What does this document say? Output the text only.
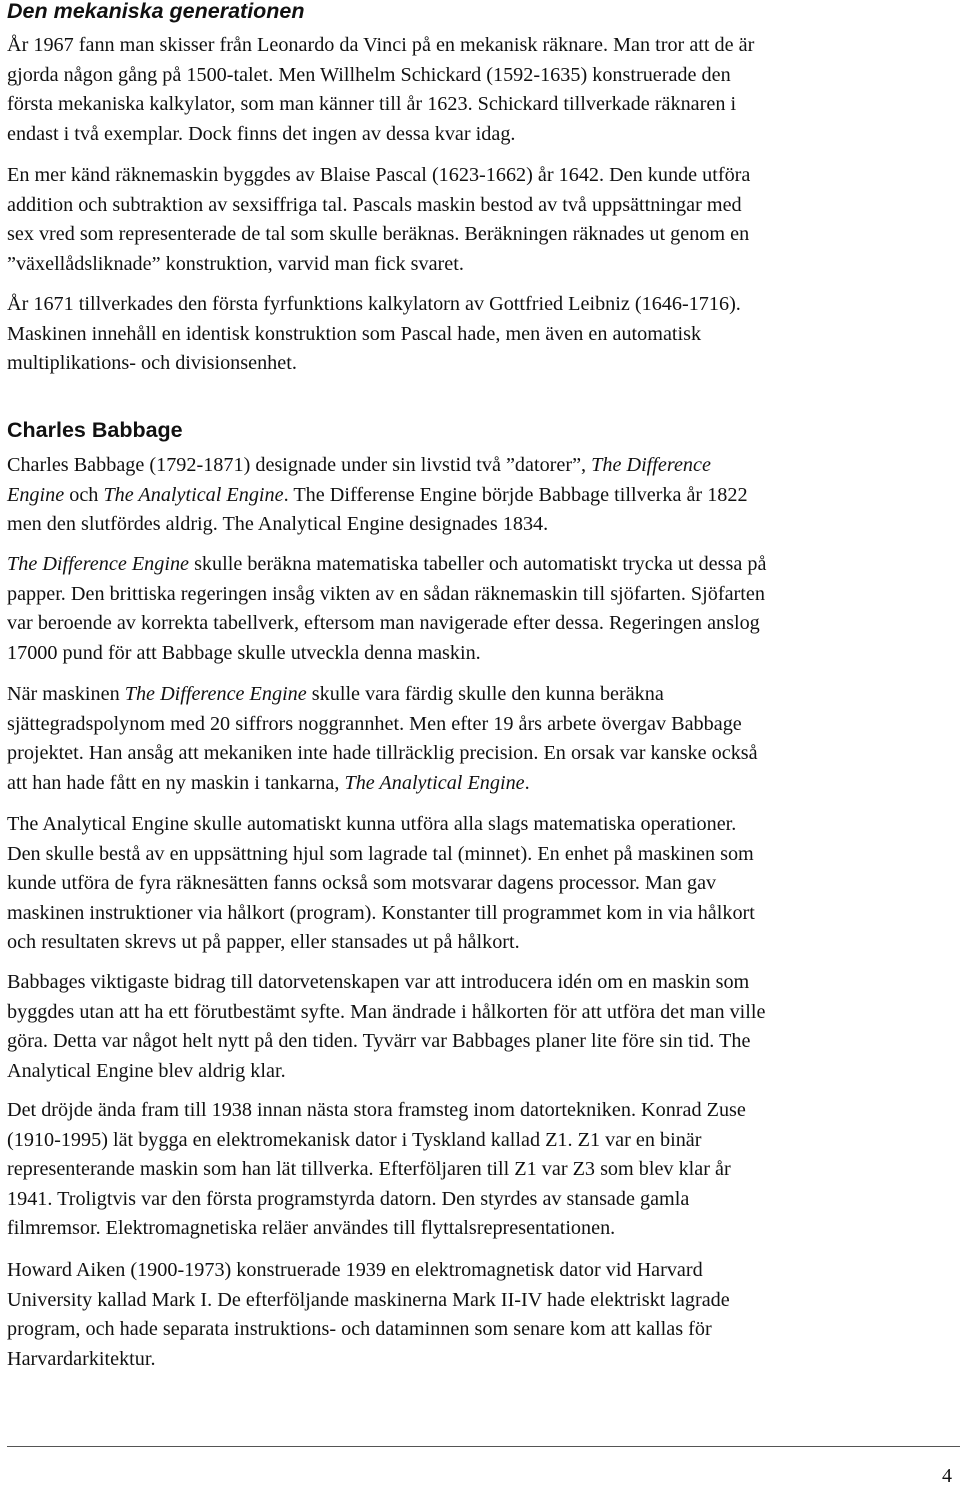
Den mekaniska generationen

År 1967 fann man skisser från Leonardo da Vinci på en mekanisk räknare. Man tror att de är
gjorda någon gång på 1500-talet. Men Willhelm Schickard (1592-1635) konstruerade den
första mekaniska kalkylator, som man känner till år 1623. Schickard tillverkade räknaren i
endast i två exemplar. Dock finns det ingen av dessa kvar idag.

En mer känd räknemaskin byggdes av Blaise Pascal (1623-1662) år 1642. Den kunde utföra
addition och subtraktion av sexsiffriga tal. Pascals maskin bestod av två uppsättningar med
sex vred som representerade de tal som skulle beräknas. Beräkningen räknades ut genom en
”växellådsliknade” konstruktion, varvid man fick svaret.

År 1671 tillverkades den första fyrfunktions kalkylatorn av Gottfried Leibniz (1646-1716).
Maskinen innehåll en identisk konstruktion som Pascal hade, men även en automatisk
multiplikations- och divisionsenhet.

Charles Babbage

Charles Babbage (1792-1871) designade under sin livstid två ”datorer”, The Difference
Engine och The Analytical Engine. The Differense Engine börjde Babbage tillverka år 1822
men den slutfördes aldrig. The Analytical Engine designades 1834.

The Difference Engine skulle beräkna matematiska tabeller och automatiskt trycka ut dessa på
papper. Den brittiska regeringen insåg vikten av en sådan räknemaskin till sjöfarten. Sjöfarten
var beroende av korrekta tabellverk, eftersom man navigerade efter dessa. Regeringen anslog
17000 pund för att Babbage skulle utveckla denna maskin.

När maskinen The Difference Engine skulle vara färdig skulle den kunna beräkna
sjättegradspolynom med 20 siffrors noggrannhet. Men efter 19 års arbete övergav Babbage
projektet. Han ansåg att mekaniken inte hade tillräcklig precision. En orsak var kanske också
att han hade fått en ny maskin i tankarna, The Analytical Engine.

The Analytical Engine skulle automatiskt kunna utföra alla slags matematiska operationer.
Den skulle bestå av en uppsättning hjul som lagrade tal (minnet). En enhet på maskinen som
kunde utföra de fyra räknesätten fanns också som motsvarar dagens processor. Man gav
maskinen instruktioner via hålkort (program). Konstanter till programmet kom in via hålkort
och resultaten skrevs ut på papper, eller stansades ut på hålkort.

Babbages viktigaste bidrag till datorvetenskapen var att introducera idén om en maskin som
byggdes utan att ha ett förutbestämt syfte. Man ändrade i hålkorten för att utföra det man ville
göra. Detta var något helt nytt på den tiden. Tyvärr var Babbages planer lite före sin tid. The
Analytical Engine blev aldrig klar.

Det dröjde ända fram till 1938 innan nästa stora framsteg inom datortekniken. Konrad Zuse
(1910-1995) lät bygga en elektromekanisk dator i Tyskland kallad Z1. Z1 var en binär
representerande maskin som han lät tillverka. Efterföljaren till Z1 var Z3 som blev klar år
1941. Troligtvis var den första programstyrda datorn. Den styrdes av stansade gamla
filmremsor. Elektromagnetiska reläer användes till flyttalsrepresentationen.

Howard Aiken (1900-1973) konstruerade 1939 en elektromagnetisk dator vid Harvard
University kallad Mark I. De efterföljande maskinerna Mark II-IV hade elektriskt lagrade
program, och hade separata instruktions- och dataminnen som senare kom att kallas för
Harvardarkitektur.

4
